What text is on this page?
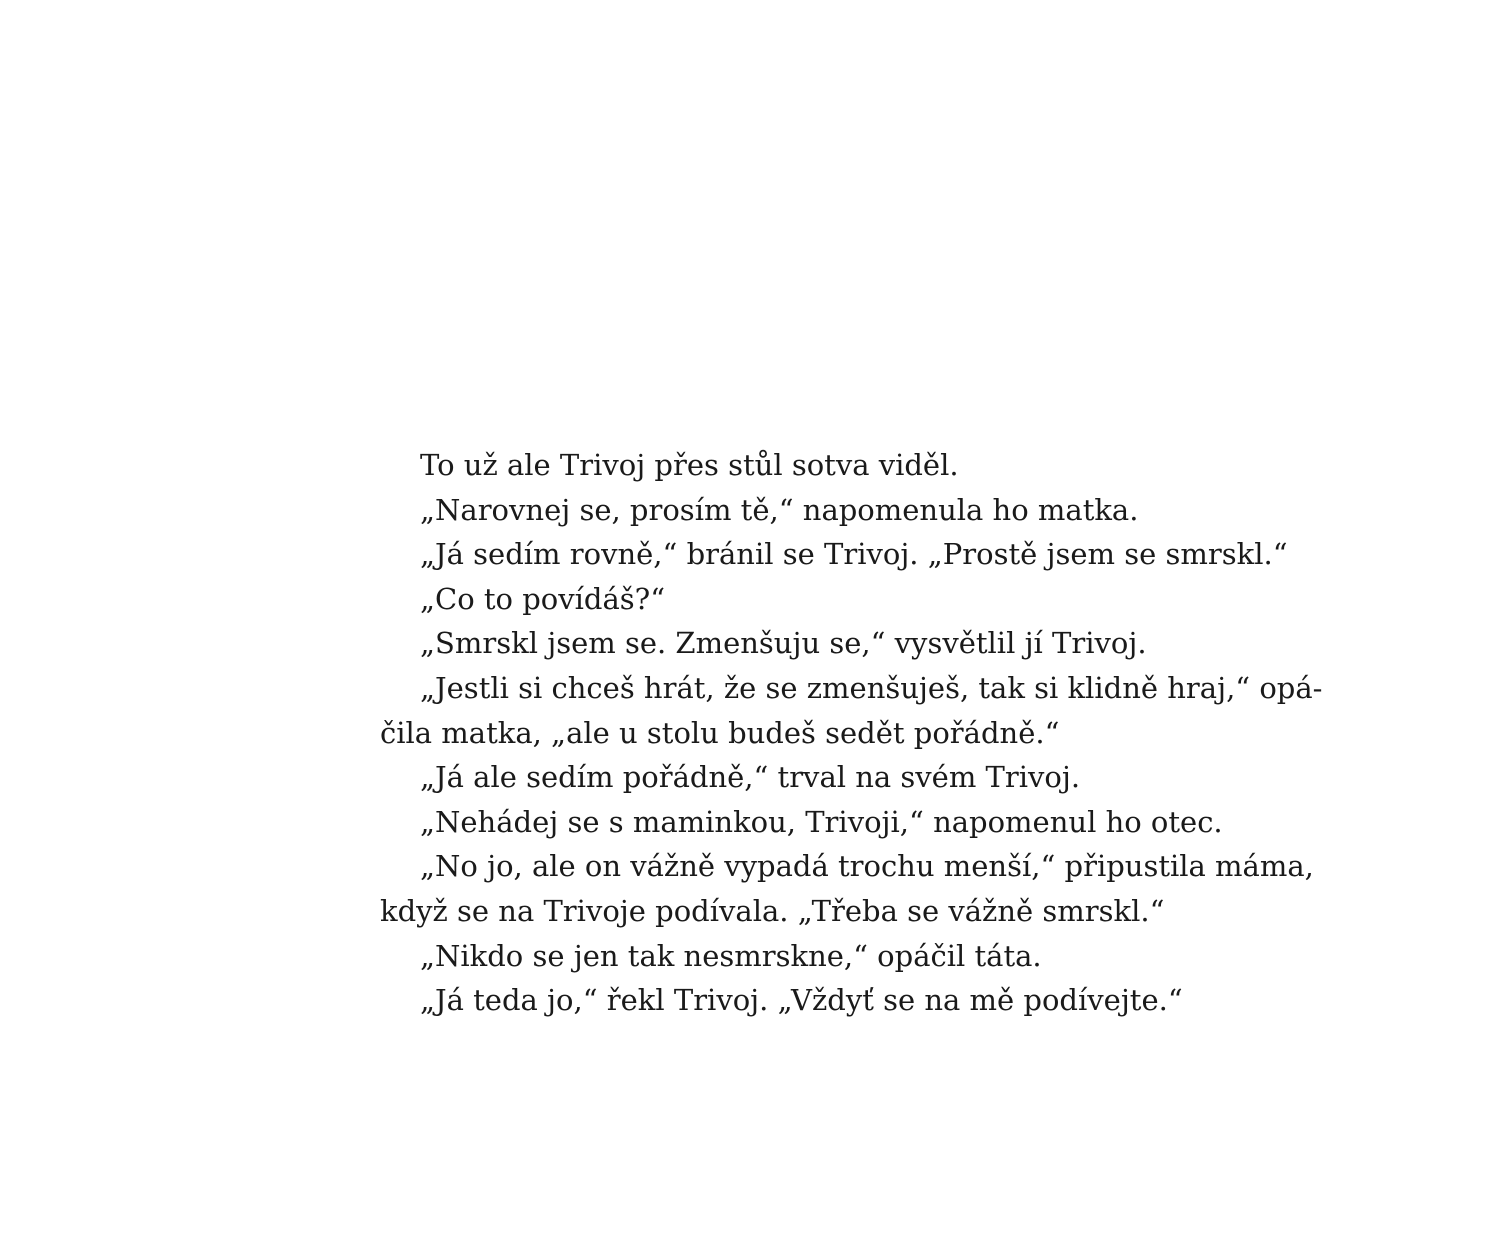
To už ale Trivoj přes stůl sotva viděl.
„Narovnej se, prosím tě,“ napomenula ho matka.
„Já sedím rovně,“ bránil se Trivoj. „Prostě jsem se smrskl.“
„Co to povídáš?“
„Smrskl jsem se. Zmenšuju se,“ vysvětlil jí Trivoj.
„Jestli si chceš hrát, že se zmenšuješ, tak si klidně hraj,“ opá-
čila matka, „ale u stolu budeš sedět pořádně.“
„Já ale sedím pořádně,“ trval na svém Trivoj.
„Nehádej se s maminkou, Trivoji,“ napomenul ho otec.
„No jo, ale on vážně vypadá trochu menší,“ připustila máma,
když se na Trivoje podívala. „Třeba se vážně smrskl.“
„Nikdo se jen tak nesmrskne,“ opáčil táta.
„Já teda jo,“ řekl Trivoj. „Vždyť se na mě podívejte.“
